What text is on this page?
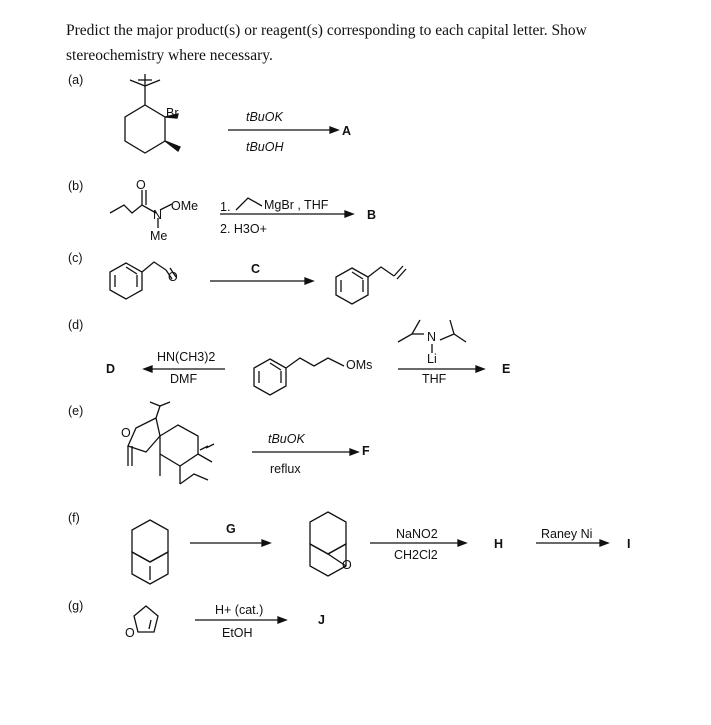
Predict the major product(s) or reagent(s) corresponding to each capital letter. Show
stereochemistry where necessary.
(a)
(b)
(c)
(d)
(e)
(f)
(g)
Br	tBuOK
tBuOH
A
O
N
OMe
Me
1.	MgBr , THF
2. H3O+
B
O
C
D
HN(CH3)2
DMF
OMs
N
Li
THF
E
O	tBuOK
reflux
F
G
O
NaNO2
CH2Cl2
H
Raney Ni
I
O
H+ (cat.)
EtOH
J
